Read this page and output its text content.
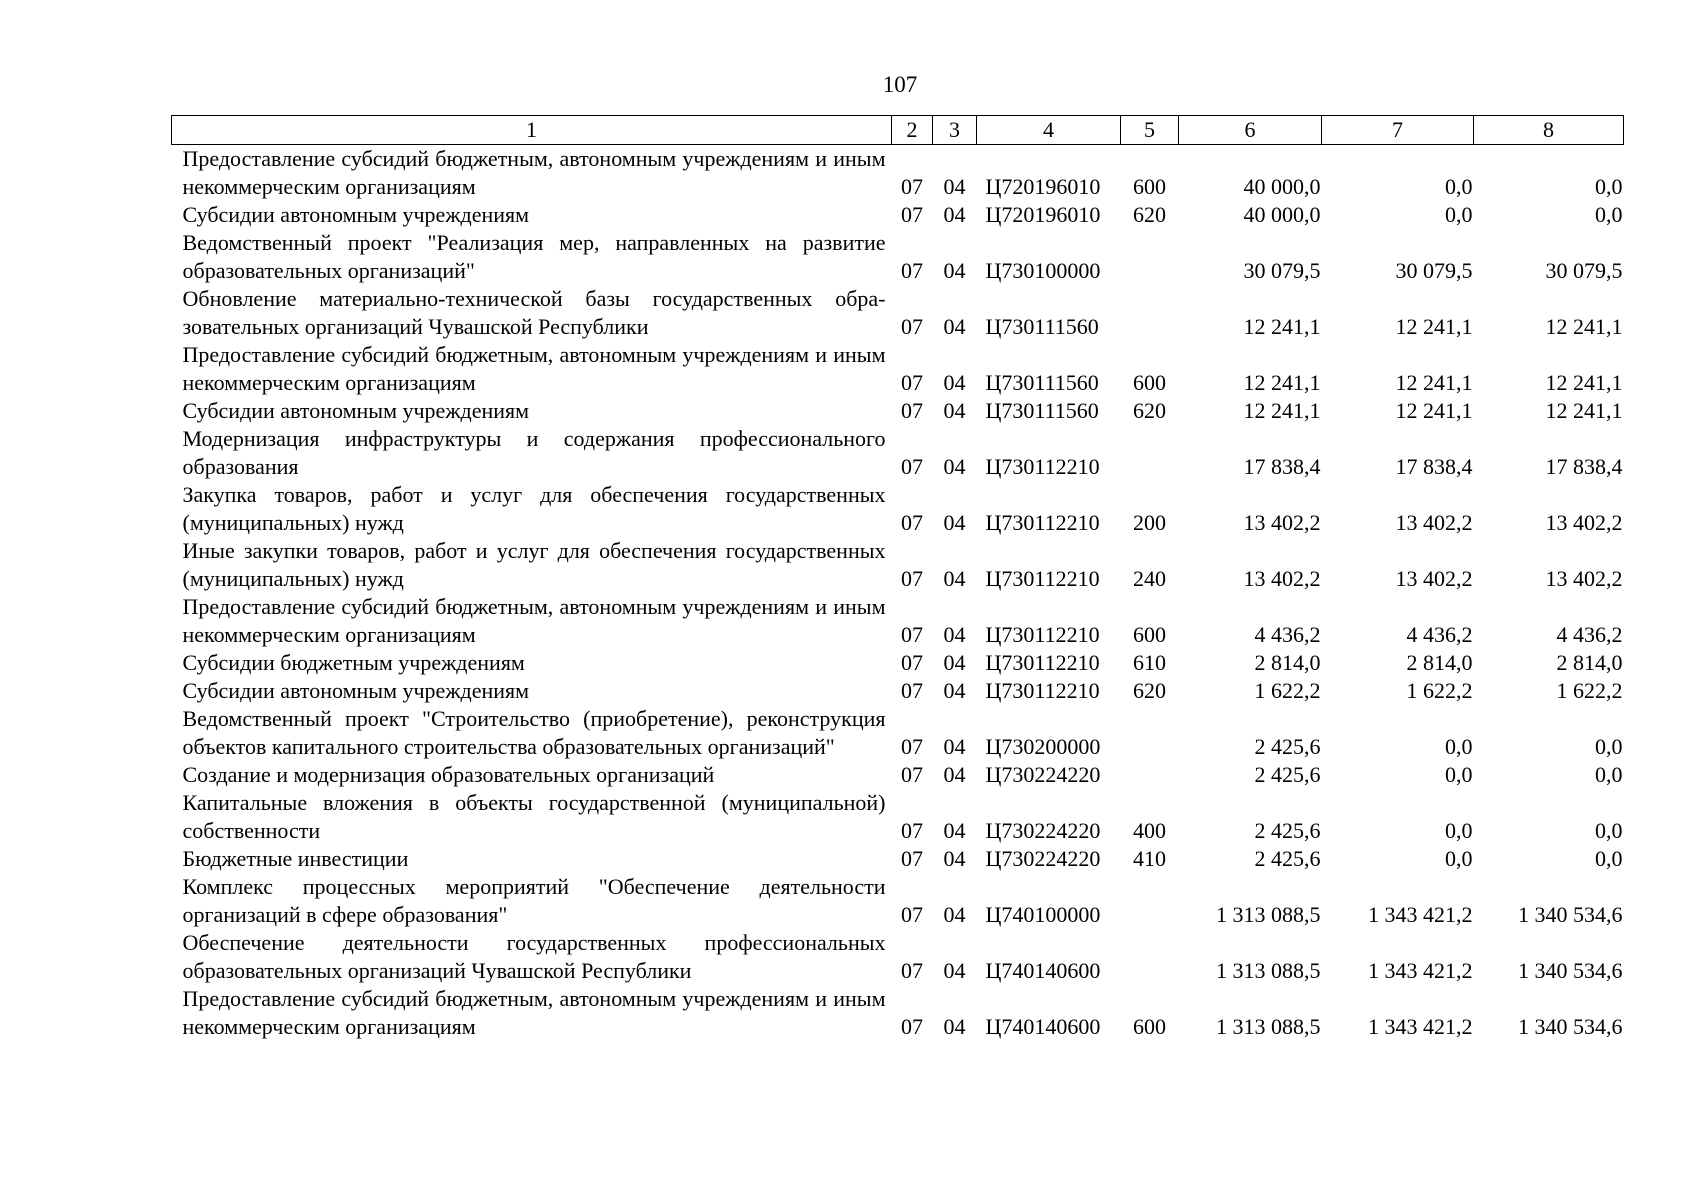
107
1	2	3	4	5	6	7	8
Предоставление субсидий бюджетным, автономным учреждениям и иным некоммерческим организациям	07	04	Ц720196010	600	40 000,0	0,0	0,0
Субсидии автономным учреждениям	07	04	Ц720196010	620	40 000,0	0,0	0,0
Ведомственный проект "Реализация мер, направленных на развитие образовательных организаций"	07	04	Ц730100000		30 079,5	30 079,5	30 079,5
Обновление материально-технической базы государственных образовательных организаций Чувашской Республики	07	04	Ц730111560		12 241,1	12 241,1	12 241,1
Предоставление субсидий бюджетным, автономным учреждениям и иным некоммерческим организациям	07	04	Ц730111560	600	12 241,1	12 241,1	12 241,1
Субсидии автономным учреждениям	07	04	Ц730111560	620	12 241,1	12 241,1	12 241,1
Модернизация инфраструктуры и содержания профессионального образования	07	04	Ц730112210		17 838,4	17 838,4	17 838,4
Закупка товаров, работ и услуг для обеспечения государственных (муниципальных) нужд	07	04	Ц730112210	200	13 402,2	13 402,2	13 402,2
Иные закупки товаров, работ и услуг для обеспечения государственных (муниципальных) нужд	07	04	Ц730112210	240	13 402,2	13 402,2	13 402,2
Предоставление субсидий бюджетным, автономным учреждениям и иным некоммерческим организациям	07	04	Ц730112210	600	4 436,2	4 436,2	4 436,2
Субсидии бюджетным учреждениям	07	04	Ц730112210	610	2 814,0	2 814,0	2 814,0
Субсидии автономным учреждениям	07	04	Ц730112210	620	1 622,2	1 622,2	1 622,2
Ведомственный проект "Строительство (приобретение), реконструкция объектов капитального строительства образовательных организаций"	07	04	Ц730200000		2 425,6	0,0	0,0
Создание и модернизация образовательных организаций	07	04	Ц730224220		2 425,6	0,0	0,0
Капитальные вложения в объекты государственной (муниципальной) собственности	07	04	Ц730224220	400	2 425,6	0,0	0,0
Бюджетные инвестиции	07	04	Ц730224220	410	2 425,6	0,0	0,0
Комплекс процессных мероприятий "Обеспечение деятельности организаций в сфере образования"	07	04	Ц740100000		1 313 088,5	1 343 421,2	1 340 534,6
Обеспечение деятельности государственных профессиональных образовательных организаций Чувашской Республики	07	04	Ц740140600		1 313 088,5	1 343 421,2	1 340 534,6
Предоставление субсидий бюджетным, автономным учреждениям и иным некоммерческим организациям	07	04	Ц740140600	600	1 313 088,5	1 343 421,2	1 340 534,6
